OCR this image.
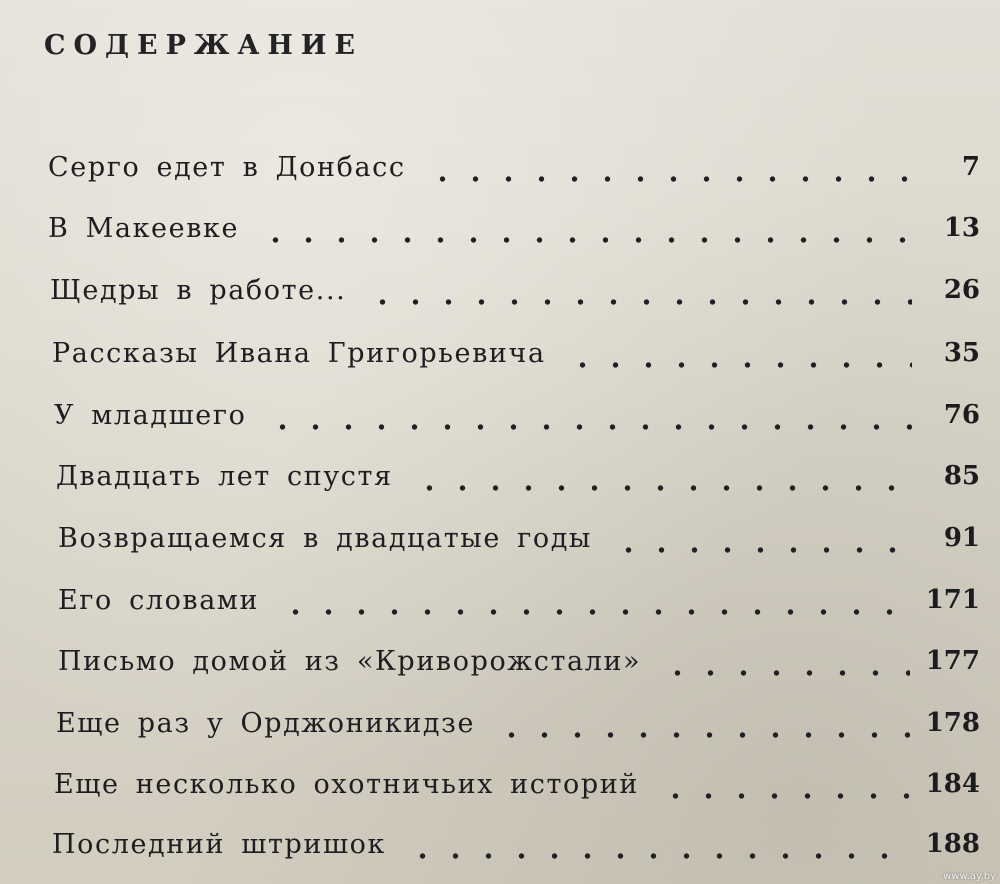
СОДЕРЖАНИЕ
Серго едет в Донбасс	7
В Макеевке	13
Щедры в работе...	26
Рассказы Ивана Григорьевича	35
У младшего	76
Двадцать лет спустя	85
Возвращаемся в двадцатые годы	91
Его словами	171
Письмо домой из «Криворожстали»	177
Еще раз у Орджоникидзе	178
Еще несколько охотничьих историй	184
Последний штришок	188
www.ay.by
